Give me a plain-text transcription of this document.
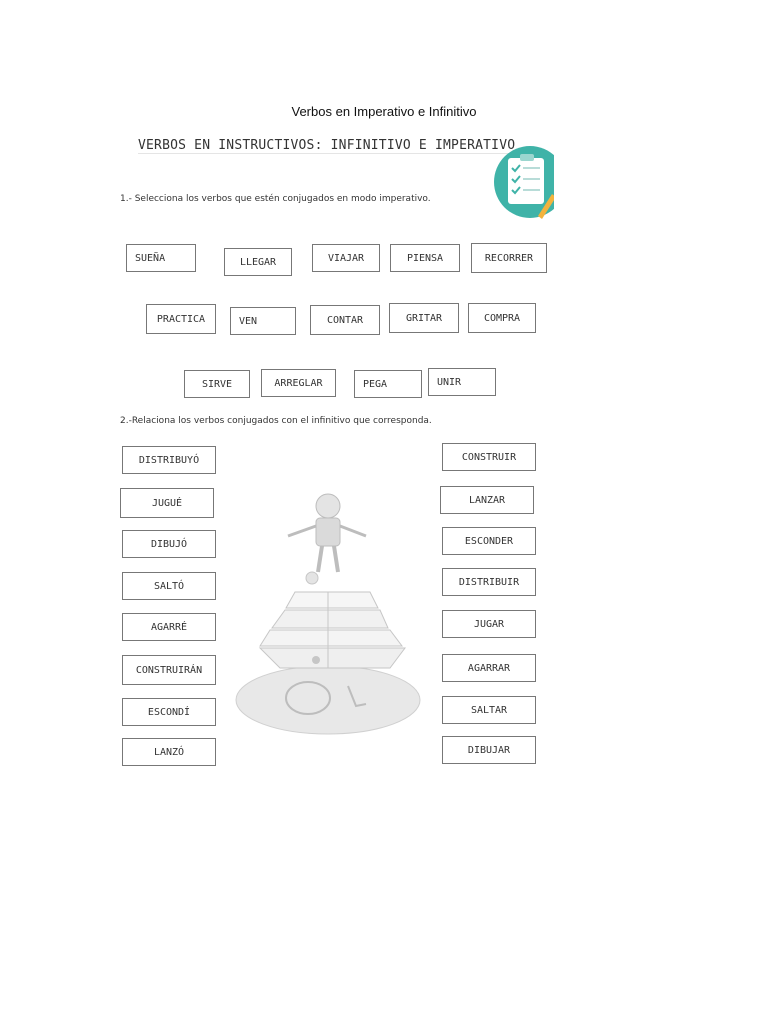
Verbos en Imperativo e Infinitivo
VERBOS EN INSTRUCTIVOS: INFINITIVO E IMPERATIVO
1.- Selecciona los verbos que estén conjugados en modo imperativo.
SUEÑA	LLEGAR	VIAJAR	PIENSA	RECORRER
PRACTICA	VEN	CONTAR	GRITAR	COMPRA
SIRVE	ARREGLAR	PEGA	UNIR
2.-Relaciona los verbos conjugados con el infinitivo que corresponda.
DISTRIBUYÓ
JUGUÉ
DIBUJÓ
SALTÓ
AGARRÉ
CONSTRUIRÁN
ESCONDÍ
LANZÓ
CONSTRUIR
LANZAR
ESCONDER
DISTRIBUIR
JUGAR
AGARRAR
SALTAR
DIBUJAR
